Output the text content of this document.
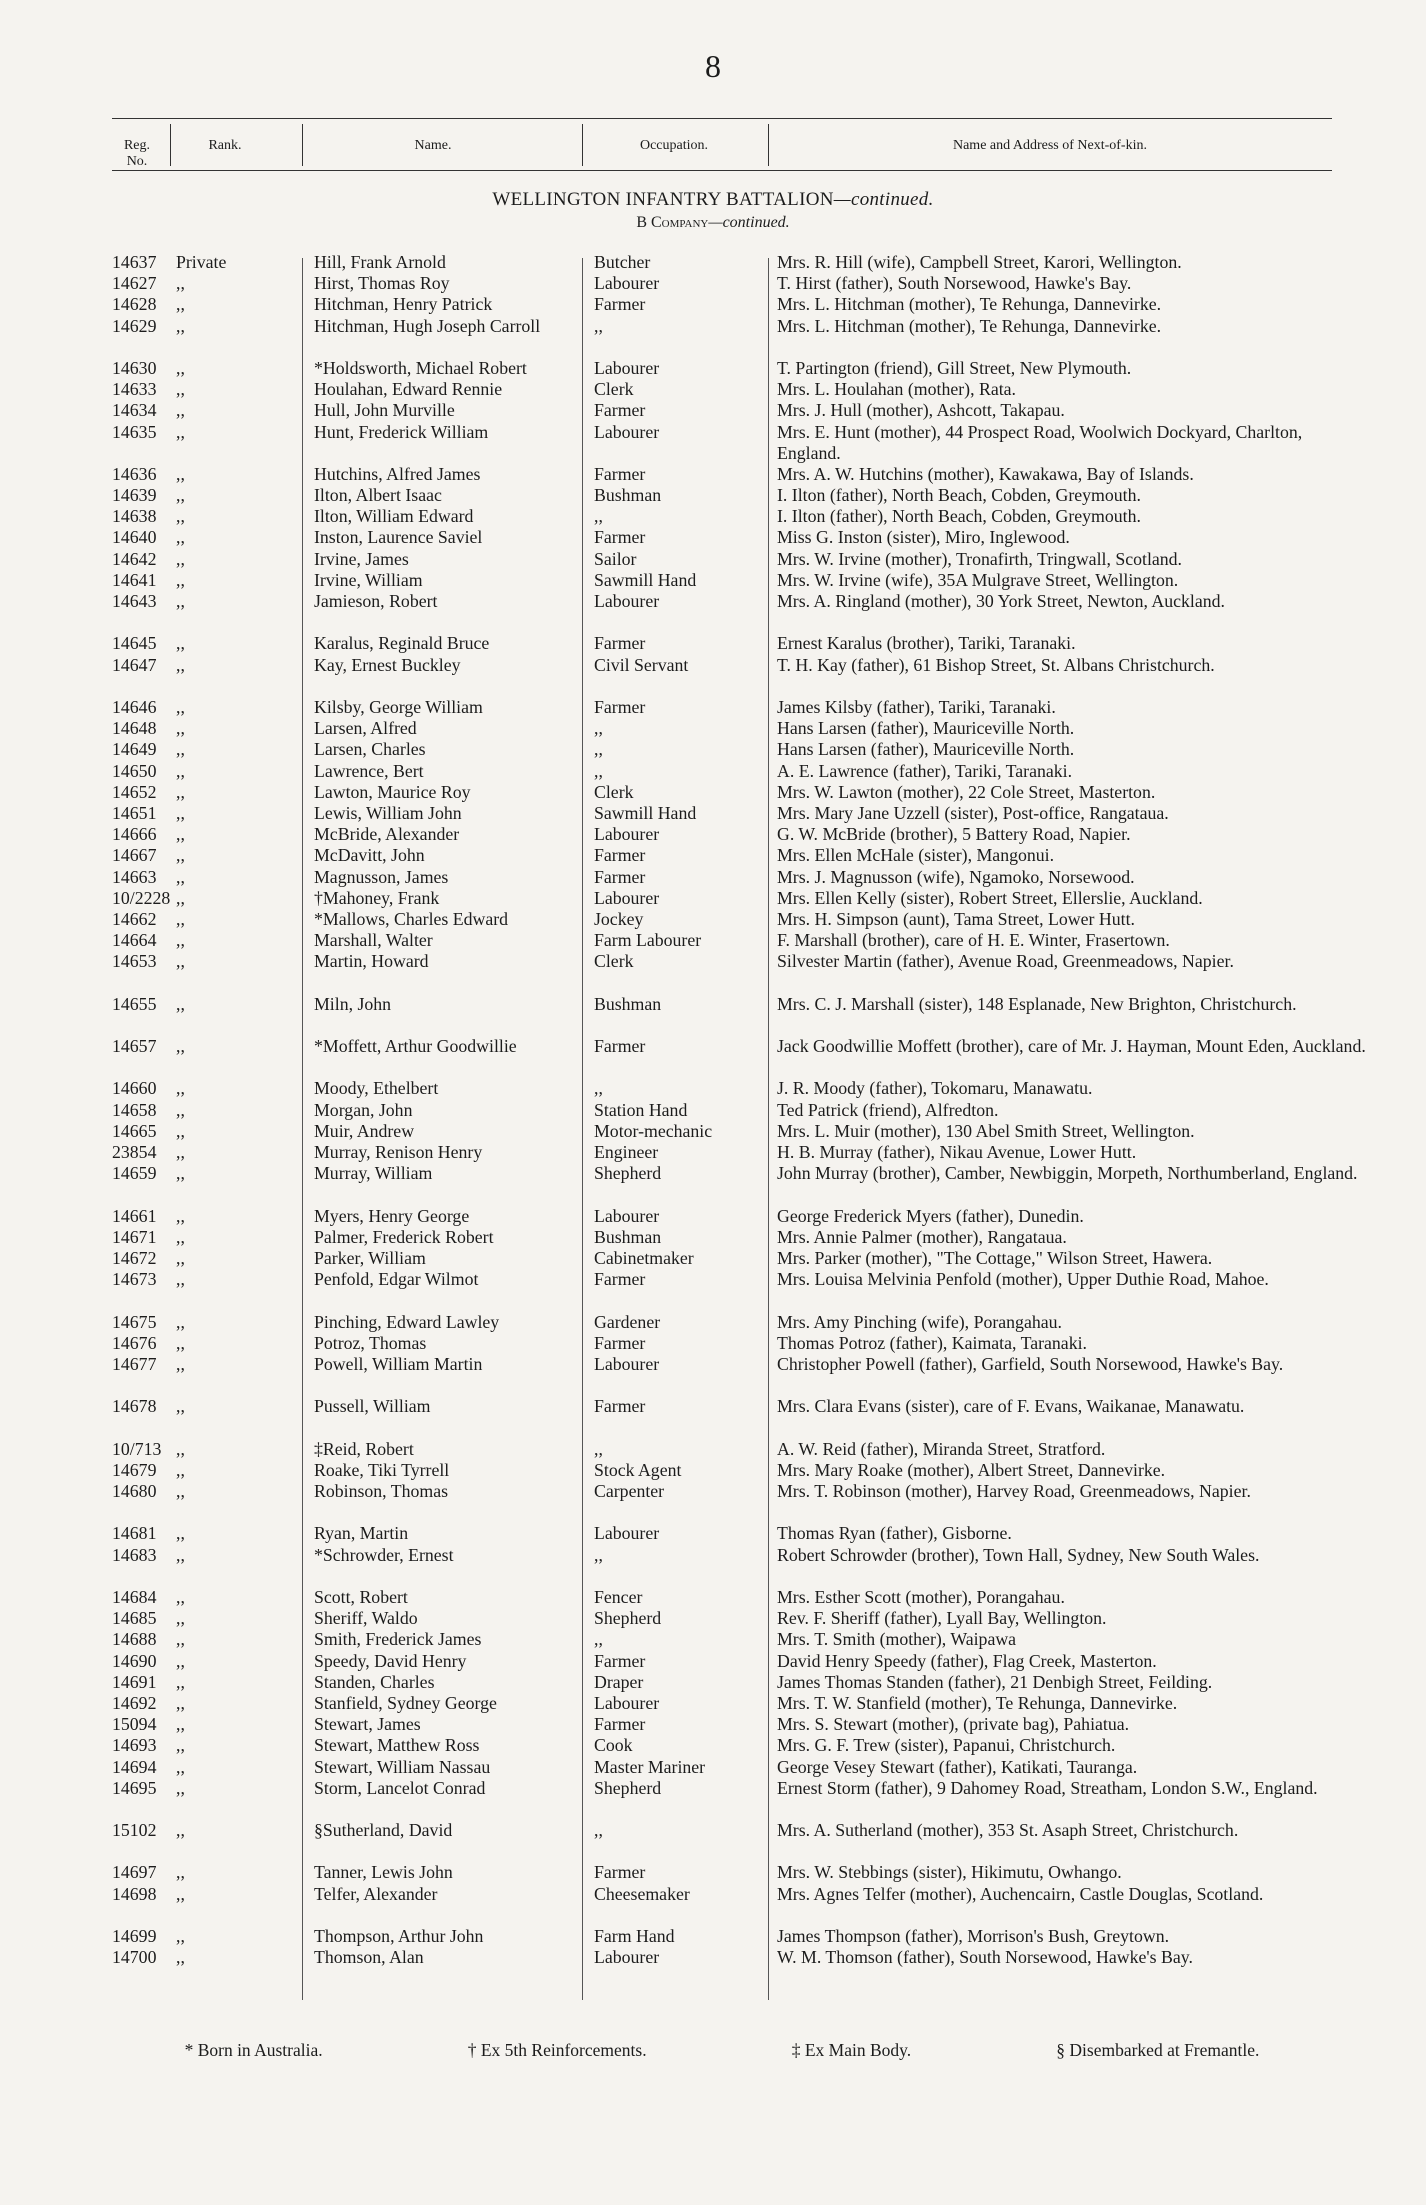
8
Reg. No.
Rank.	Name.	Occupation.	Name and Address of Next-of-kin.
WELLINGTON INFANTRY BATTALION—continued.
B Company—continued.
14637 Private	Hill, Frank Arnold	Butcher	Mrs. R. Hill (wife), Campbell Street, Karori, Wellington.
14627 ,,	Hirst, Thomas Roy	Labourer	T. Hirst (father), South Norsewood, Hawke's Bay.
14628 ,,	Hitchman, Henry Patrick	Farmer	Mrs. L. Hitchman (mother), Te Rehunga, Dannevirke.
14629 ,,	Hitchman, Hugh Joseph Carroll	,,	Mrs. L. Hitchman (mother), Te Rehunga, Dannevirke.
14630 ,,	*Holdsworth, Michael Robert	Labourer	T. Partington (friend), Gill Street, New Plymouth.
14633 ,,	Houlahan, Edward Rennie	Clerk	Mrs. L. Houlahan (mother), Rata.
14634 ,,	Hull, John Murville	Farmer	Mrs. J. Hull (mother), Ashcott, Takapau.
14635 ,,	Hunt, Frederick William	Labourer	Mrs. E. Hunt (mother), 44 Prospect Road, Woolwich Dockyard, Charlton, England.
14636 ,,	Hutchins, Alfred James	Farmer	Mrs. A. W. Hutchins (mother), Kawakawa, Bay of Islands.
14639 ,,	Ilton, Albert Isaac	Bushman	I. Ilton (father), North Beach, Cobden, Greymouth.
14638 ,,	Ilton, William Edward	,,	I. Ilton (father), North Beach, Cobden, Greymouth.
14640 ,,	Inston, Laurence Saviel	Farmer	Miss G. Inston (sister), Miro, Inglewood.
14642 ,,	Irvine, James	Sailor	Mrs. W. Irvine (mother), Tronafirth, Tringwall, Scotland.
14641 ,,	Irvine, William	Sawmill Hand	Mrs. W. Irvine (wife), 35A Mulgrave Street, Wellington.
14643 ,,	Jamieson, Robert	Labourer	Mrs. A. Ringland (mother), 30 York Street, Newton, Auckland.
14645 ,,	Karalus, Reginald Bruce	Farmer	Ernest Karalus (brother), Tariki, Taranaki.
14647 ,,	Kay, Ernest Buckley	Civil Servant	T. H. Kay (father), 61 Bishop Street, St. Albans Christchurch.
14646 ,,	Kilsby, George William	Farmer	James Kilsby (father), Tariki, Taranaki.
14648 ,,	Larsen, Alfred	,,	Hans Larsen (father), Mauriceville North.
14649 ,,	Larsen, Charles	,,	Hans Larsen (father), Mauriceville North.
14650 ,,	Lawrence, Bert	,,	A. E. Lawrence (father), Tariki, Taranaki.
14652 ,,	Lawton, Maurice Roy	Clerk	Mrs. W. Lawton (mother), 22 Cole Street, Masterton.
14651 ,,	Lewis, William John	Sawmill Hand	Mrs. Mary Jane Uzzell (sister), Post-office, Rangataua.
14666 ,,	McBride, Alexander	Labourer	G. W. McBride (brother), 5 Battery Road, Napier.
14667 ,,	McDavitt, John	Farmer	Mrs. Ellen McHale (sister), Mangonui.
14663 ,,	Magnusson, James	Farmer	Mrs. J. Magnusson (wife), Ngamoko, Norsewood.
10/2228 ,,	†Mahoney, Frank	Labourer	Mrs. Ellen Kelly (sister), Robert Street, Ellerslie, Auckland.
14662 ,,	*Mallows, Charles Edward	Jockey	Mrs. H. Simpson (aunt), Tama Street, Lower Hutt.
14664 ,,	Marshall, Walter	Farm Labourer	F. Marshall (brother), care of H. E. Winter, Frasertown.
14653 ,,	Martin, Howard	Clerk	Silvester Martin (father), Avenue Road, Greenmeadows, Napier.
14655 ,,	Miln, John	Bushman	Mrs. C. J. Marshall (sister), 148 Esplanade, New Brighton, Christchurch.
14657 ,,	*Moffett, Arthur Goodwillie	Farmer	Jack Goodwillie Moffett (brother), care of Mr. J. Hayman, Mount Eden, Auckland.
14660 ,,	Moody, Ethelbert	,,	J. R. Moody (father), Tokomaru, Manawatu.
14658 ,,	Morgan, John	Station Hand	Ted Patrick (friend), Alfredton.
14665 ,,	Muir, Andrew	Motor-mechanic	Mrs. L. Muir (mother), 130 Abel Smith Street, Wellington.
23854 ,,	Murray, Renison Henry	Engineer	H. B. Murray (father), Nikau Avenue, Lower Hutt.
14659 ,,	Murray, William	Shepherd	John Murray (brother), Camber, Newbiggin, Morpeth, Northumberland, England.
14661 ,,	Myers, Henry George	Labourer	George Frederick Myers (father), Dunedin.
14671 ,,	Palmer, Frederick Robert	Bushman	Mrs. Annie Palmer (mother), Rangataua.
14672 ,,	Parker, William	Cabinetmaker	Mrs. Parker (mother), "The Cottage," Wilson Street, Hawera.
14673 ,,	Penfold, Edgar Wilmot	Farmer	Mrs. Louisa Melvinia Penfold (mother), Upper Duthie Road, Mahoe.
14675 ,,	Pinching, Edward Lawley	Gardener	Mrs. Amy Pinching (wife), Porangahau.
14676 ,,	Potroz, Thomas	Farmer	Thomas Potroz (father), Kaimata, Taranaki.
14677 ,,	Powell, William Martin	Labourer	Christopher Powell (father), Garfield, South Norsewood, Hawke's Bay.
14678 ,,	Pussell, William	Farmer	Mrs. Clara Evans (sister), care of F. Evans, Waikanae, Manawatu.
10/713 ,,	‡Reid, Robert	,,	A. W. Reid (father), Miranda Street, Stratford.
14679 ,,	Roake, Tiki Tyrrell	Stock Agent	Mrs. Mary Roake (mother), Albert Street, Dannevirke.
14680 ,,	Robinson, Thomas	Carpenter	Mrs. T. Robinson (mother), Harvey Road, Greenmeadows, Napier.
14681 ,,	Ryan, Martin	Labourer	Thomas Ryan (father), Gisborne.
14683 ,,	*Schrowder, Ernest	,,	Robert Schrowder (brother), Town Hall, Sydney, New South Wales.
14684 ,,	Scott, Robert	Fencer	Mrs. Esther Scott (mother), Porangahau.
14685 ,,	Sheriff, Waldo	Shepherd	Rev. F. Sheriff (father), Lyall Bay, Wellington.
14688 ,,	Smith, Frederick James	,,	Mrs. T. Smith (mother), Waipawa
14690 ,,	Speedy, David Henry	Farmer	David Henry Speedy (father), Flag Creek, Masterton.
14691 ,,	Standen, Charles	Draper	James Thomas Standen (father), 21 Denbigh Street, Feilding.
14692 ,,	Stanfield, Sydney George	Labourer	Mrs. T. W. Stanfield (mother), Te Rehunga, Dannevirke.
15094 ,,	Stewart, James	Farmer	Mrs. S. Stewart (mother), (private bag), Pahiatua.
14693 ,,	Stewart, Matthew Ross	Cook	Mrs. G. F. Trew (sister), Papanui, Christchurch.
14694 ,,	Stewart, William Nassau	Master Mariner	George Vesey Stewart (father), Katikati, Tauranga.
14695 ,,	Storm, Lancelot Conrad	Shepherd	Ernest Storm (father), 9 Dahomey Road, Streatham, London S.W., England.
15102 ,,	§Sutherland, David	,,	Mrs. A. Sutherland (mother), 353 St. Asaph Street, Christchurch.
14697 ,,	Tanner, Lewis John	Farmer	Mrs. W. Stebbings (sister), Hikimutu, Owhango.
14698 ,,	Telfer, Alexander	Cheesemaker	Mrs. Agnes Telfer (mother), Auchencairn, Castle Douglas, Scotland.
14699 ,,	Thompson, Arthur John	Farm Hand	James Thompson (father), Morrison's Bush, Greytown.
14700 ,,	Thomson, Alan	Labourer	W. M. Thomson (father), South Norsewood, Hawke's Bay.
* Born in Australia.	† Ex 5th Reinforcements.	‡ Ex Main Body.	§ Disembarked at Fremantle.
